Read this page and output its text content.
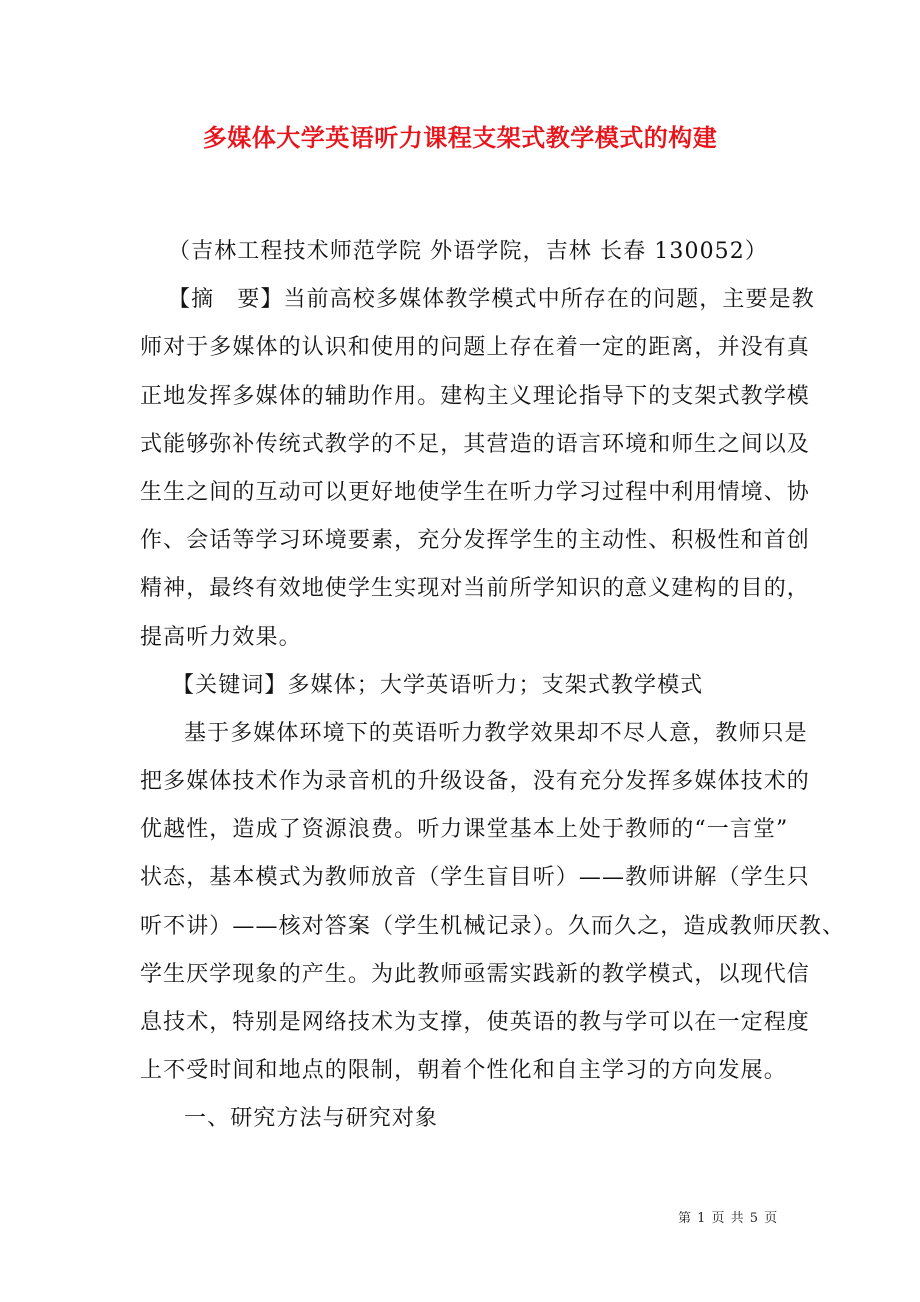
多媒体大学英语听力课程支架式教学模式的构建
（吉林工程技术师范学院 外语学院，吉林 长春 130052）
【摘　要】当前高校多媒体教学模式中所存在的问题，主要是教
师对于多媒体的认识和使用的问题上存在着一定的距离，并没有真
正地发挥多媒体的辅助作用。建构主义理论指导下的支架式教学模
式能够弥补传统式教学的不足，其营造的语言环境和师生之间以及
生生之间的互动可以更好地使学生在听力学习过程中利用情境、协
作、会话等学习环境要素，充分发挥学生的主动性、积极性和首创
精神，最终有效地使学生实现对当前所学知识的意义建构的目的，
提高听力效果。
【关键词】多媒体；大学英语听力；支架式教学模式
基于多媒体环境下的英语听力教学效果却不尽人意，教师只是
把多媒体技术作为录音机的升级设备，没有充分发挥多媒体技术的
优越性，造成了资源浪费。听力课堂基本上处于教师的“一言堂”
状态，基本模式为教师放音（学生盲目听）——教师讲解（学生只
听不讲）——核对答案（学生机械记录）。久而久之，造成教师厌教、
学生厌学现象的产生。为此教师亟需实践新的教学模式，以现代信
息技术，特别是网络技术为支撑，使英语的教与学可以在一定程度
上不受时间和地点的限制，朝着个性化和自主学习的方向发展。
一、研究方法与研究对象
第 1 页 共 5 页
